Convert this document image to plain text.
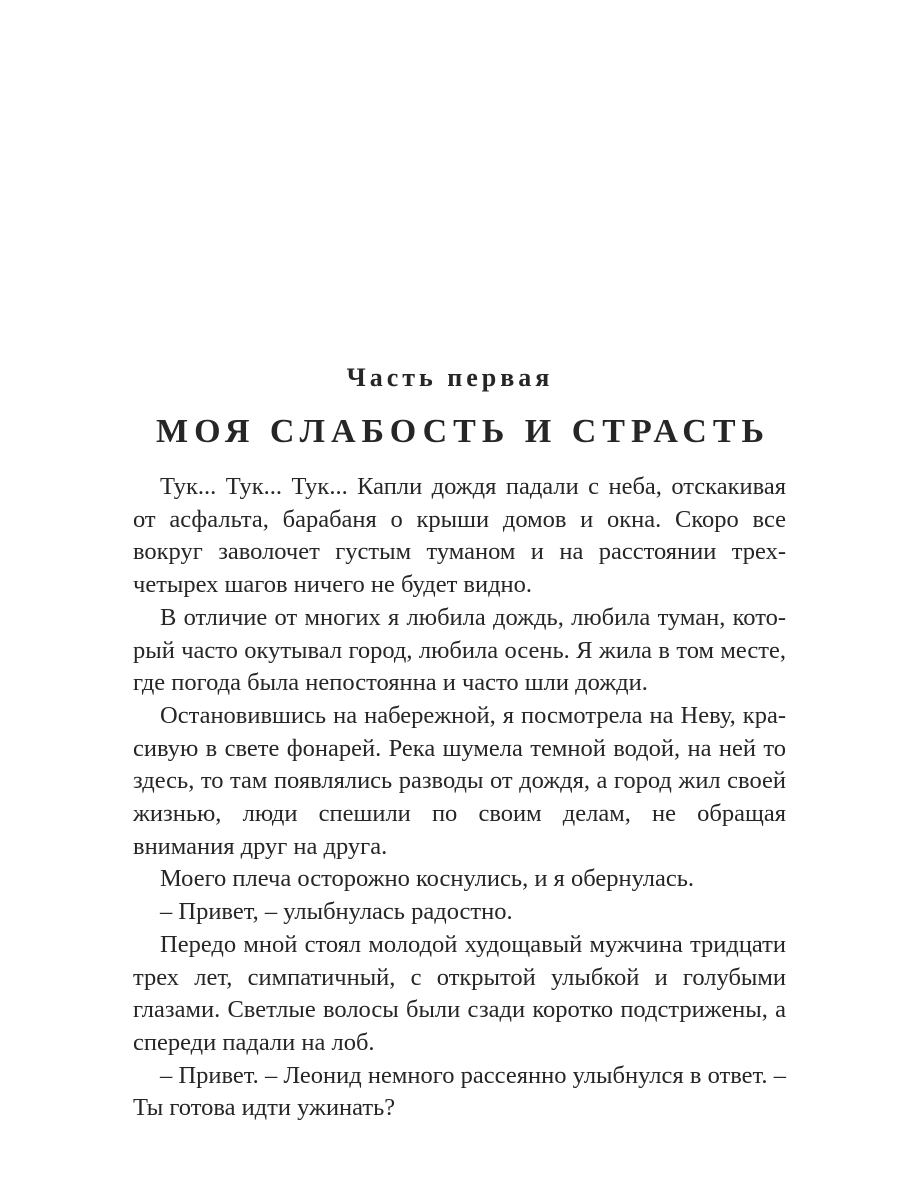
Часть первая
МОЯ СЛАБОСТЬ И СТРАСТЬ

Тук... Тук... Тук... Капли дождя падали с неба, отскакивая от асфальта, барабаня о крыши домов и окна. Скоро все вокруг заволочет густым туманом и на расстоянии трех-четырех шагов ничего не будет видно.

В отличие от многих я любила дождь, любила туман, который часто окутывал город, любила осень. Я жила в том месте, где погода была непостоянна и часто шли дожди.

Остановившись на набережной, я посмотрела на Неву, красивую в свете фонарей. Река шумела темной водой, на ней то здесь, то там появлялись разводы от дождя, а город жил своей жизнью, люди спешили по своим делам, не обращая внимания друг на друга.

Моего плеча осторожно коснулись, и я обернулась.

– Привет, – улыбнулась радостно.

Передо мной стоял молодой худощавый мужчина тридцати трех лет, симпатичный, с открытой улыбкой и голубыми глазами. Светлые волосы были сзади коротко подстрижены, а спереди падали на лоб.

– Привет. – Леонид немного рассеянно улыбнулся в ответ. – Ты готова идти ужинать?
